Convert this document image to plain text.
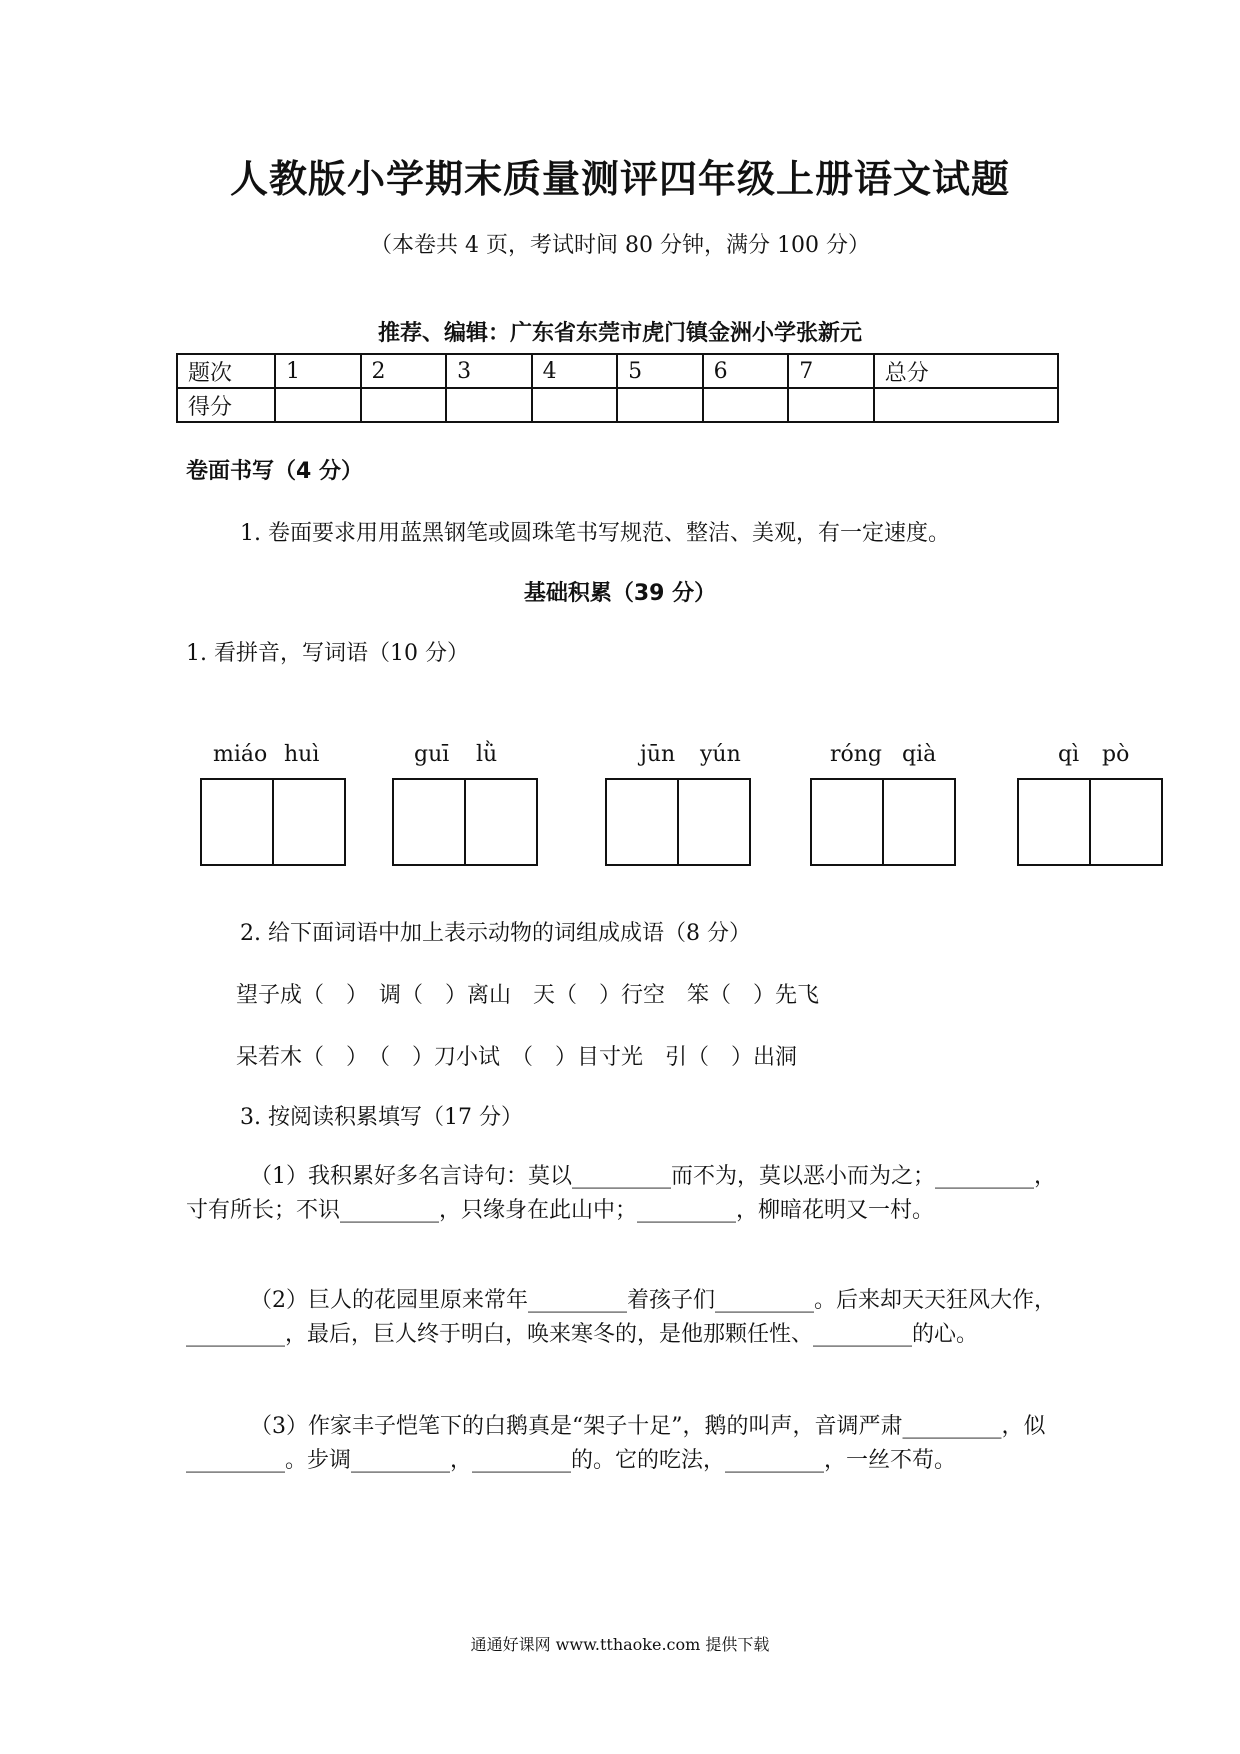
人教版小学期末质量测评四年级上册语文试题
（本卷共 4 页，考试时间 80 分钟，满分 100 分）
推荐、编辑：广东省东莞市虎门镇金洲小学张新元
题次	1	2	3	4	5	6	7	总分
得分								
卷面书写（4 分）
1. 卷面要求用用蓝黑钢笔或圆珠笔书写规范、整洁、美观，有一定速度。
基础积累（39 分）
1. 看拼音，写词语（10 分）
miáo huì	guī lǜ	jūn yún	róng qià	qì pò
2. 给下面词语中加上表示动物的词组成成语（8 分）
望子成（　）　调（　）离山　天（　）行空　笨（　）先飞
呆若木（　）　（　）刀小试　（　）目寸光　引（　）出洞
3. 按阅读积累填写（17 分）
（1）我积累好多名言诗句：莫以_________而不为，莫以恶小而为之；_________，寸有所长；不识_________，只缘身在此山中；_________，柳暗花明又一村。
（2）巨人的花园里原来常年_________着孩子们_________。后来却天天狂风大作，_________，最后，巨人终于明白，唤来寒冬的，是他那颗任性、_________的心。
（3）作家丰子恺笔下的白鹅真是“架子十足”，鹅的叫声，音调严肃_________，似_________。步调_________，_________的。它的吃法，_________，一丝不苟。
通通好课网 www.tthaoke.com 提供下载
